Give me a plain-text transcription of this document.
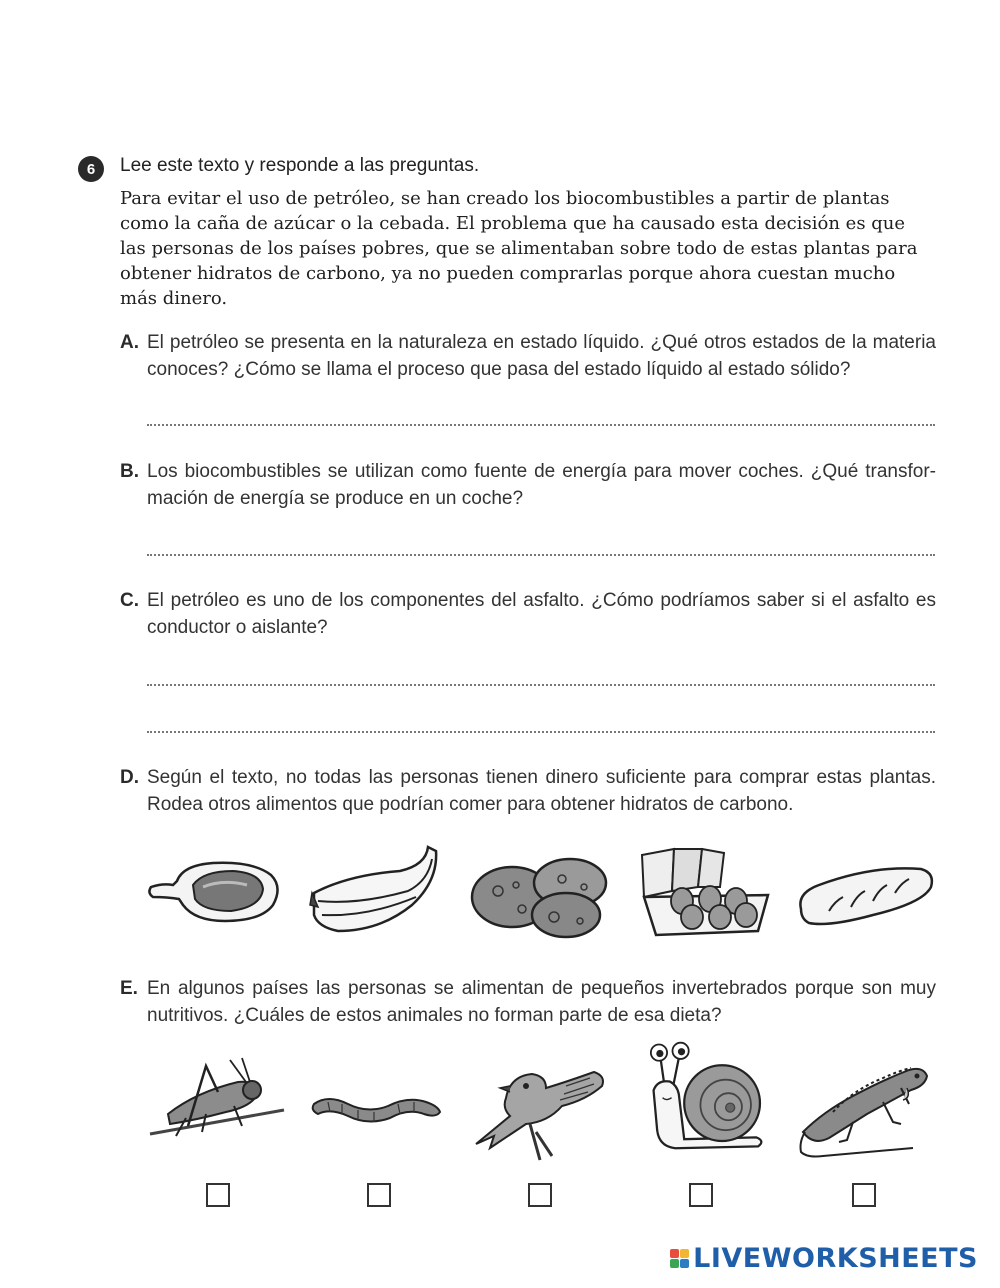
6	Lee este texto y responde a las preguntas.
Para evitar el uso de petróleo, se han creado los biocombustibles a partir de plantas como la caña de azúcar o la cebada. El problema que ha causado esta decisión es que las personas de los países pobres, que se alimentaban sobre todo de estas plantas para obtener hidratos de carbono, ya no pueden comprarlas porque ahora cuestan mucho más dinero.
A. El petróleo se presenta en la naturaleza en estado líquido. ¿Qué otros estados de la materia conoces? ¿Cómo se llama el proceso que pasa del estado líquido al estado sólido?
B. Los biocombustibles se utilizan como fuente de energía para mover coches. ¿Qué transfor-mación de energía se produce en un coche?
C. El petróleo es uno de los componentes del asfalto. ¿Cómo podríamos saber si el asfalto es conductor o aislante?
D. Según el texto, no todas las personas tienen dinero suficiente para comprar estas plantas. Rodea otros alimentos que podrían comer para obtener hidratos de carbono.
E. En algunos países las personas se alimentan de pequeños invertebrados porque son muy nutritivos. ¿Cuáles de estos animales no forman parte de esa dieta?
LIVEWORKSHEETS
